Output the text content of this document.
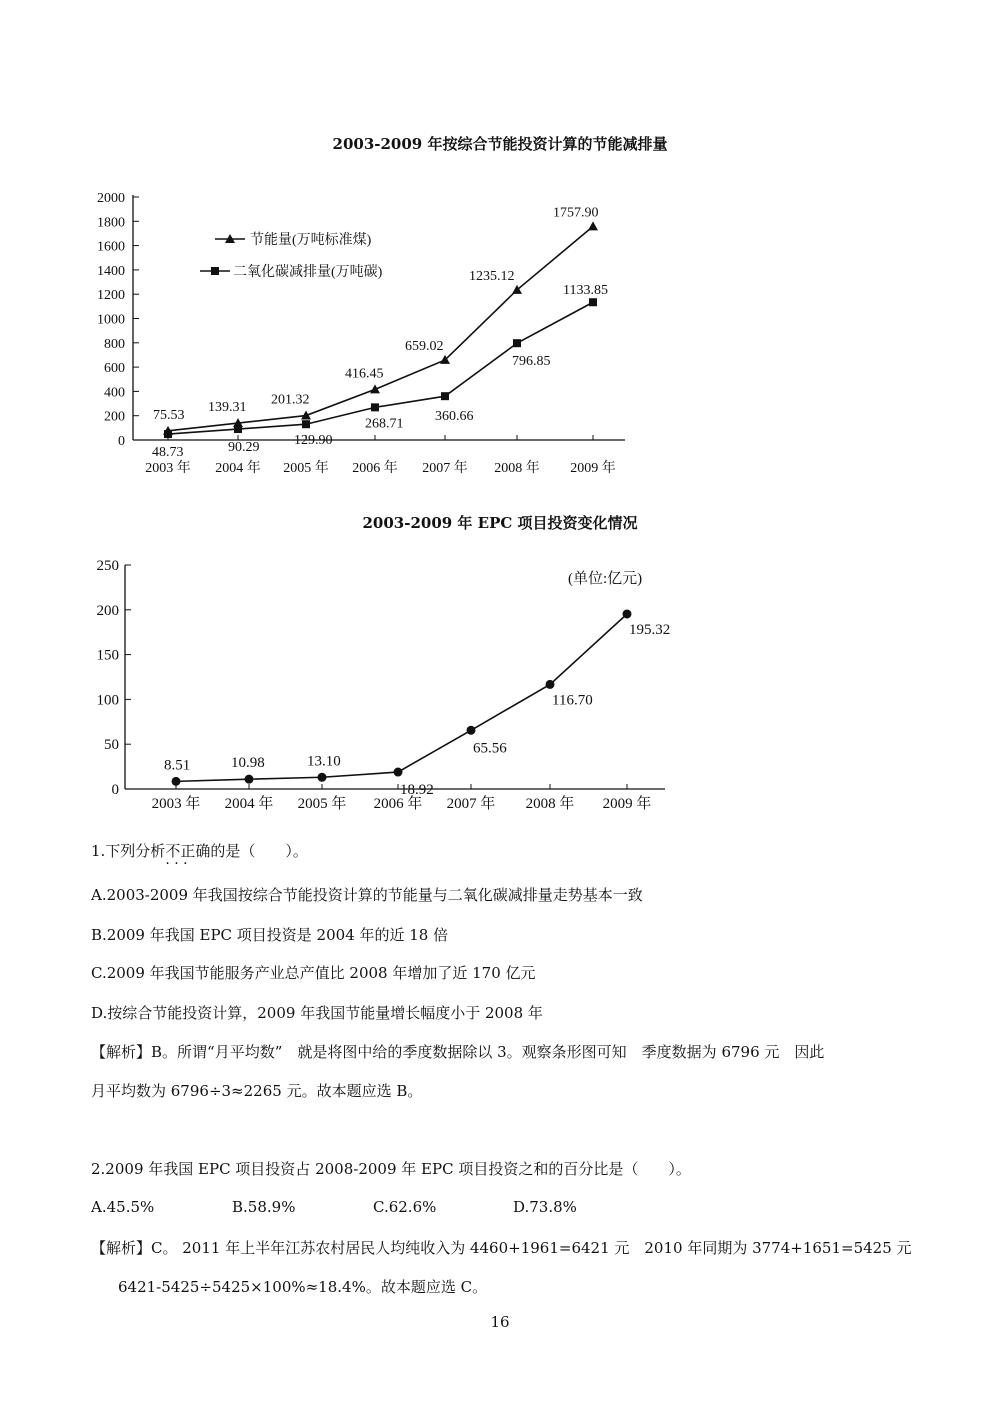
2003-2009 年按综合节能投资计算的节能减排量
0
200
400
600
800
1000
1200
1400
1600
1800
2000
2003 年 2004 年 2005 年 2006 年 2007 年 2008 年 2009 年
75.53
139.31
201.32
416.45
659.02
1235.12
1757.90
48.73	90.29 129.90
268.71 360.66
796.85
1133.85
节能量(万吨标准煤)
二氧化碳减排量(万吨碳)
2003-2009 年 EPC 项目投资变化情况
0
50
100
150
200
250
2003 年 2004 年 2005 年 2006 年 2007 年 2008 年 2009 年
8.51	10.98	13.10
18.92
65.56
116.70
195.32
(单位:亿元)
1.下列分析不正确 · · ·的是（　　）。
A.2003-2009 年我国按综合节能投资计算的节能量与二氧化碳减排量走势基本一致
B.2009 年我国 EPC 项目投资是 2004 年的近 18 倍
C.2009 年我国节能服务产业总产值比 2008 年增加了近 170 亿元
D.按综合节能投资计算，2009 年我国节能量增长幅度小于 2008 年
【解析】B。所谓“月平均数”　就是将图中给的季度数据除以 3。观察条形图可知　季度数据为 6796 元　因此
月平均数为 6796÷3≈2265 元。故本题应选 B。
2.2009 年我国 EPC 项目投资占 2008-2009 年 EPC 项目投资之和的百分比是（　　）。
A.45.5%	B.58.9%	C.62.6%	D.73.8%
【解析】C。 2011 年上半年江苏农村居民人均纯收入为 4460+1961=6421 元　2010 年同期为 3774+1651=5425 元
6421-5425÷5425×100%≈18.4%。故本题应选 C。
16
